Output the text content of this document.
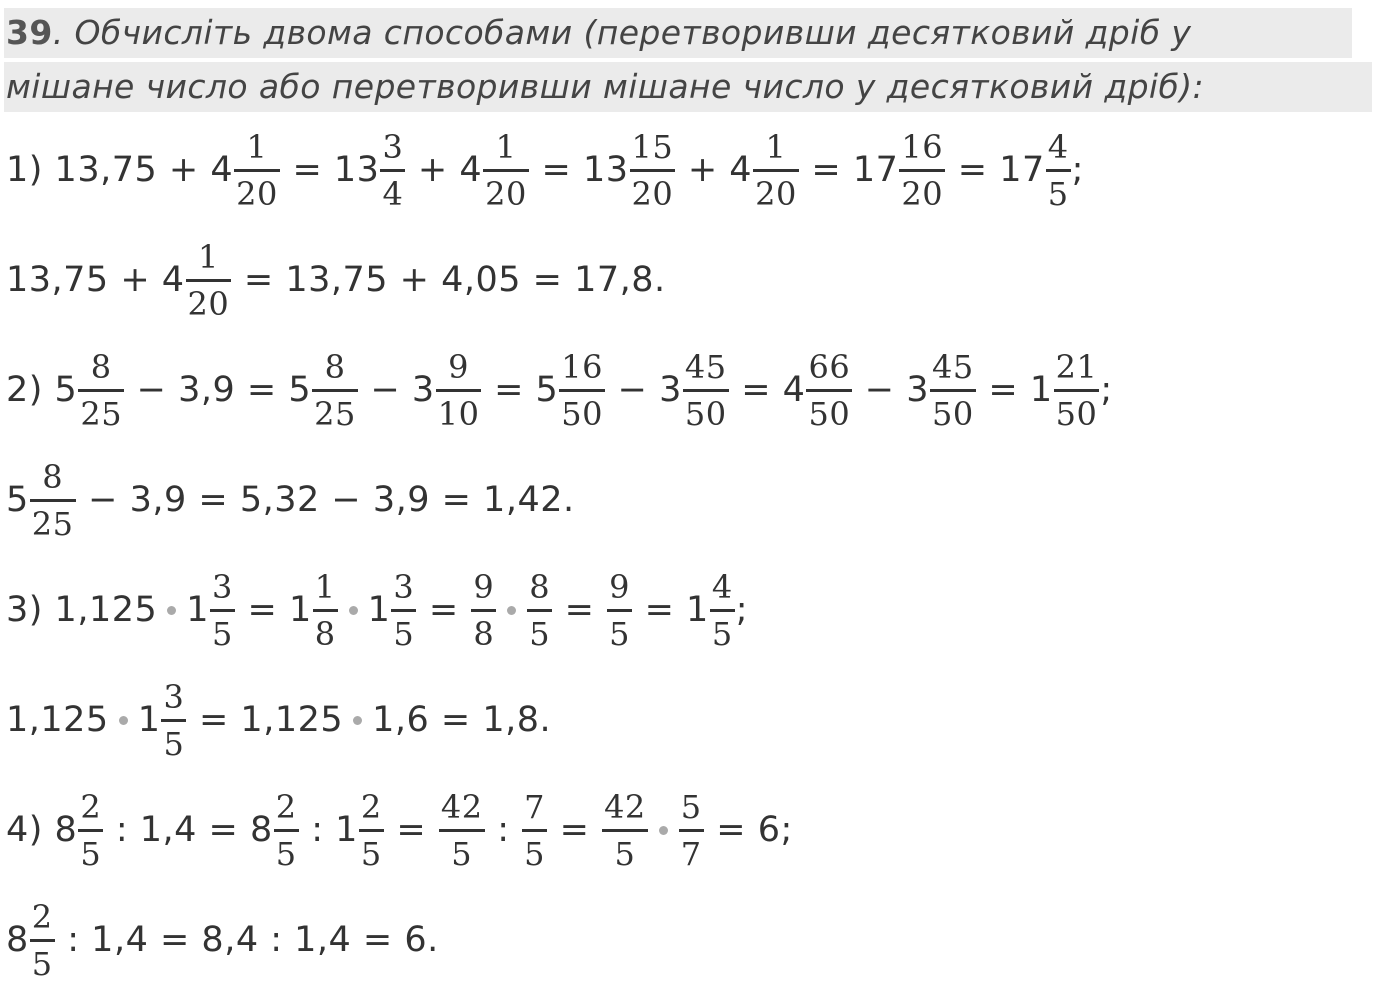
39. Обчисліть двома способами (перетворивши десятковий дріб у
мішане число або перетворивши мішане число у десятковий дріб):
1) $13,75 + 4 \frac{1}{20} = 13 \frac{3}{4} + 4 \frac{1}{20} = 13 \frac{15}{20} + 4 \frac{1}{20} = 17 \frac{16}{20} = 17 \frac{4}{5}$ ;
$13,75 + 4 \frac{1}{20} = 13,75 + 4,05 = 17,8$.
2) $5 \frac{8}{25} - 3,9 = 5 \frac{8}{25} - 3 \frac{9}{10} = 5 \frac{16}{50} - 3 \frac{45}{50} = 4 \frac{66}{50} - 3 \frac{45}{50} = 1 \frac{21}{50}$ ;
$5 \frac{8}{25} - 3,9 = 5,32 - 3,9 = 1,42$.
3) 1,125 $1 \frac{3}{5} = 1 \frac{1}{8} 1 \frac{3}{5} = \frac{9}{8} \frac{8}{5} = \frac{9}{5} = 1 \frac{4}{5}$ ;
1,125 $1 \frac{3}{5} = 1,125$ 1,6 = 1,8.
4) $8 \frac{2}{5}$ : $1,4 = 8 \frac{2}{5}$ : $1 \frac{2}{5} = \frac{42}{5}$ : $\frac{7}{5} = \frac{42}{5} \frac{5}{7} = 6$;
$8 \frac{2}{5}$ : 1,4 = 8,4 : 1,4 = 6.
